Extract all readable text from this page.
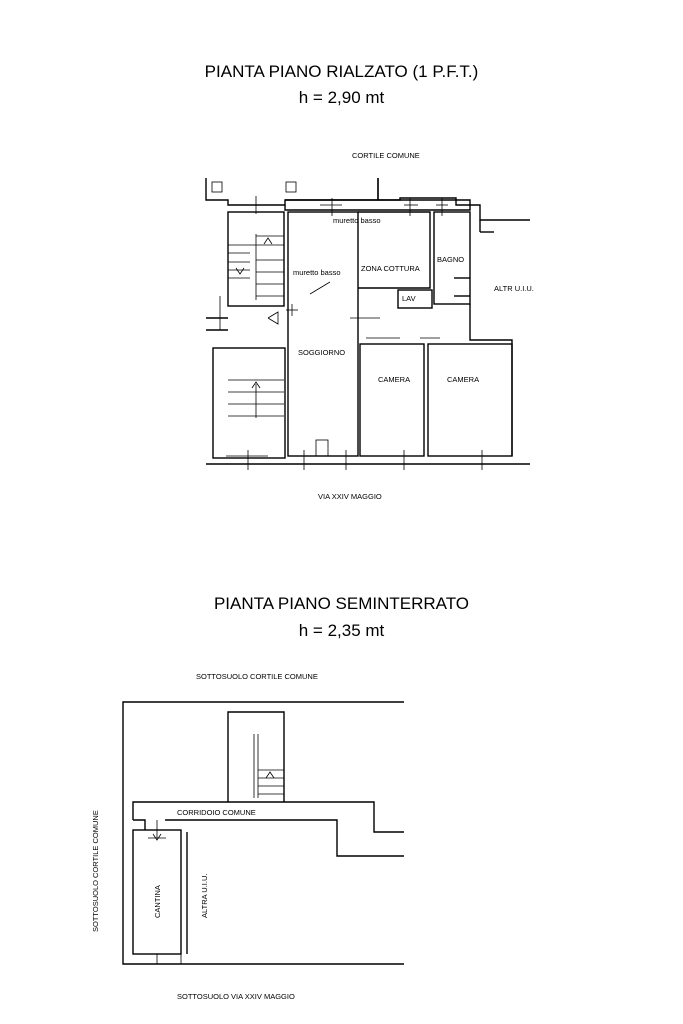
PIANTA PIANO RIALZATO (1 P.F.T.)
h = 2,90 mt
PIANTA PIANO SEMINTERRATO
h = 2,35 mt
CORTILE COMUNE
muretto basso
muretto basso	ZONA COTTURA
BAGNO
ALTR U.I.U.
LAV
SOGGIORNO
CAMERA	CAMERA
VIA XXIV MAGGIO
SOTTOSUOLO CORTILE COMUNE
CORRIDOIO COMUNE
SOTTOSUOLO CORTILE COMUNE	CANTINA	ALTRA U.I.U.
SOTTOSUOLO VIA XXIV MAGGIO
